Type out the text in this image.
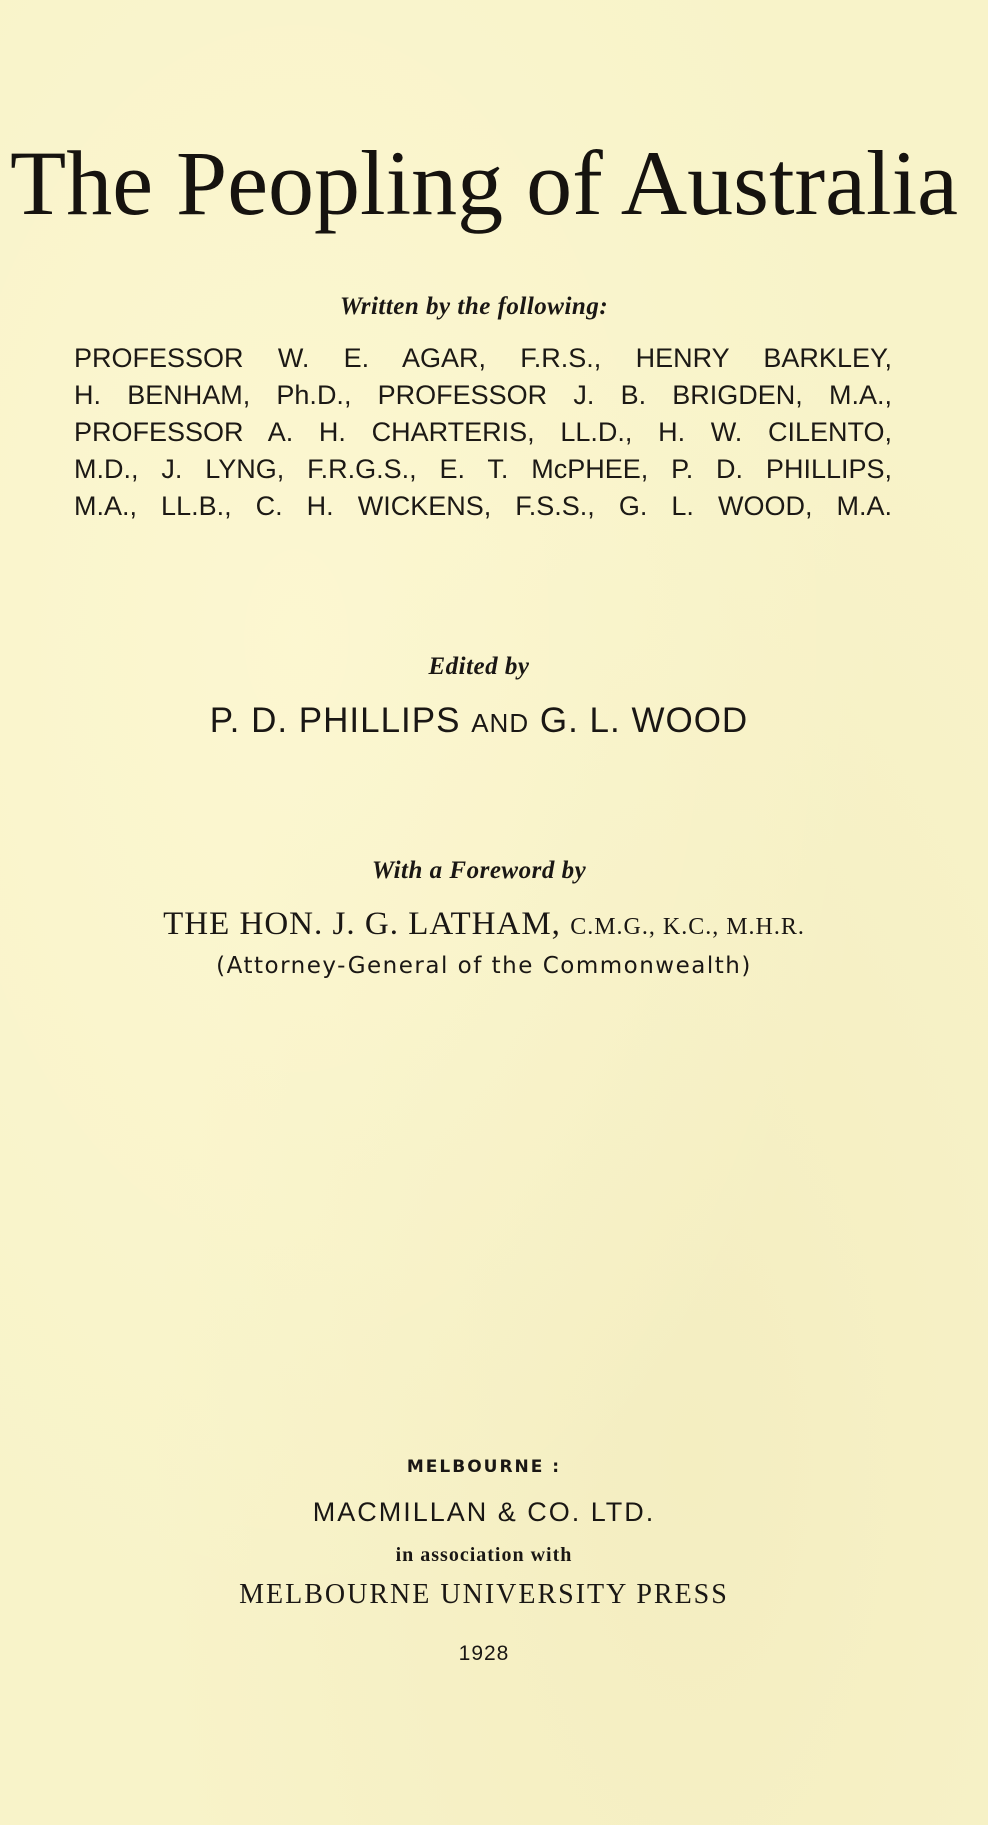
The Peopling of Australia
Written by the following:
PROFESSOR W. E. AGAR, F.R.S., HENRY BARKLEY,
H. BENHAM, Ph.D., PROFESSOR J. B. BRIGDEN, M.A.,
PROFESSOR A. H. CHARTERIS, LL.D., H. W. CILENTO,
M.D., J. LYNG, F.R.G.S., E. T. McPHEE, P. D. PHILLIPS,
M.A., LL.B., C. H. WICKENS, F.S.S., G. L. WOOD, M.A.
Edited by
P. D. PHILLIPS AND G. L. WOOD
With a Foreword by
THE HON. J. G. LATHAM, C.M.G., K.C., M.H.R.
(Attorney-General of the Commonwealth)
MELBOURNE :
MACMILLAN & CO. LTD.
in association with
MELBOURNE UNIVERSITY PRESS
1928
